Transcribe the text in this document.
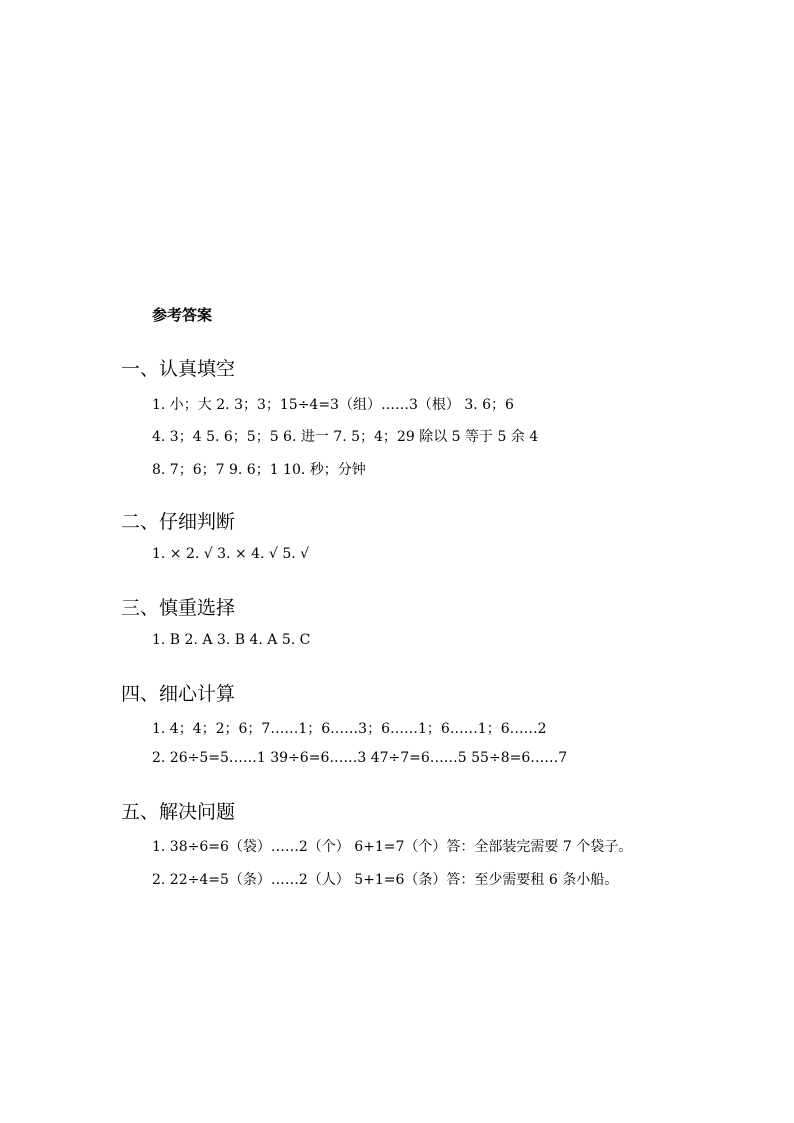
参考答案
一、认真填空
1. 小；大 2. 3；3；15÷4=3（组）……3（根） 3. 6；6
4. 3；4 5. 6；5；5 6. 进一 7. 5；4；29 除以 5 等于 5 余 4
8. 7；6；7 9. 6；1 10. 秒；分钟
二、仔细判断
1. × 2. √ 3. × 4. √ 5. √
三、慎重选择
1. B 2. A 3. B 4. A 5. C
四、细心计算
1. 4；4；2；6；7……1；6……3；6……1；6……1；6……2
2. 26÷5=5……1 39÷6=6……3 47÷7=6……5 55÷8=6……7
五、解决问题
1. 38÷6=6（袋）……2（个） 6+1=7（个）答：全部装完需要 7 个袋子。
2. 22÷4=5（条）……2（人） 5+1=6（条）答：至少需要租 6 条小船。
